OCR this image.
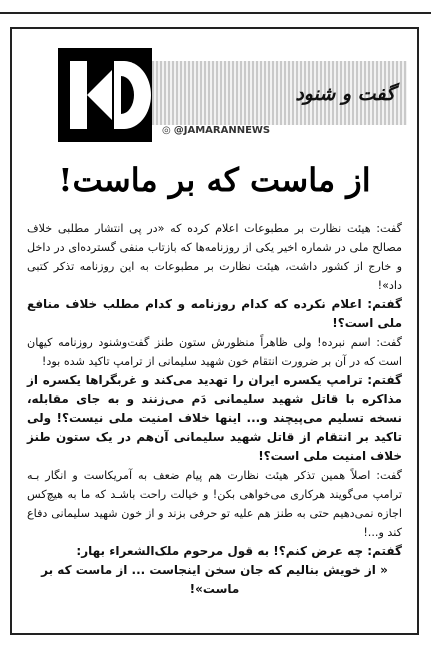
گفت و شنود
◎ @JAMARANNEWS
از ماست که بر ماست!

گفت: هیئت نظارت بر مطبوعات اعلام کرده که «در پی انتشار مطلبی خلاف مصالح ملی در شماره اخیر یکی از روزنامه‌ها که بازتاب منفی گسترده‌ای در داخل و خارج از کشور داشت، هیئت نظارت بر مطبوعات به این روزنامه تذکر کتبی داد»!

گفتم: اعلام نکرده که کدام روزنامه و کدام مطلب خلاف منافع ملی است؟!

گفت: اسم نبرده! ولی ظاهراً منظورش ستون طنز گفت‌وشنود روزنامه کیهان است که در آن بر ضرورت انتقام خون شهید سلیمانی از ترامپ تاکید شده بود!

گفتم: ترامپ یکسره ایران را تهدید می‌کند و غربگراها یکسره از مذاکره با قاتل شهید سلیمانی دَم می‌زنند و به جای مقابله، نسخه تسلیم می‌پیچند و... اینها خلاف امنیت ملی نیست؟! ولی تاکید بر انتقام از قاتل شهید سلیمانی آن‌هم در یک ستون طنز خلاف امنیت ملی است؟!

گفت: اصلاً همین تذکر هیئت نظارت هم پیام ضعف به آمریکاست و انگار بـه ترامپ می‌گویند هرکاری می‌خواهی بکن! و خیالت راحت باشـد که ما به هیچ‌کس اجازه نمی‌دهیم حتی به طنز هم علیه تو حرفی بزند و از خون شهید سلیمانی دفاع کند و...!

گفتم: چه عرض کنم؟! به قول مرحوم ملک‌الشعراء بهار:

« از خویش بنالیم که جان سخن اینجاست ... از ماست که بر ماست»!
